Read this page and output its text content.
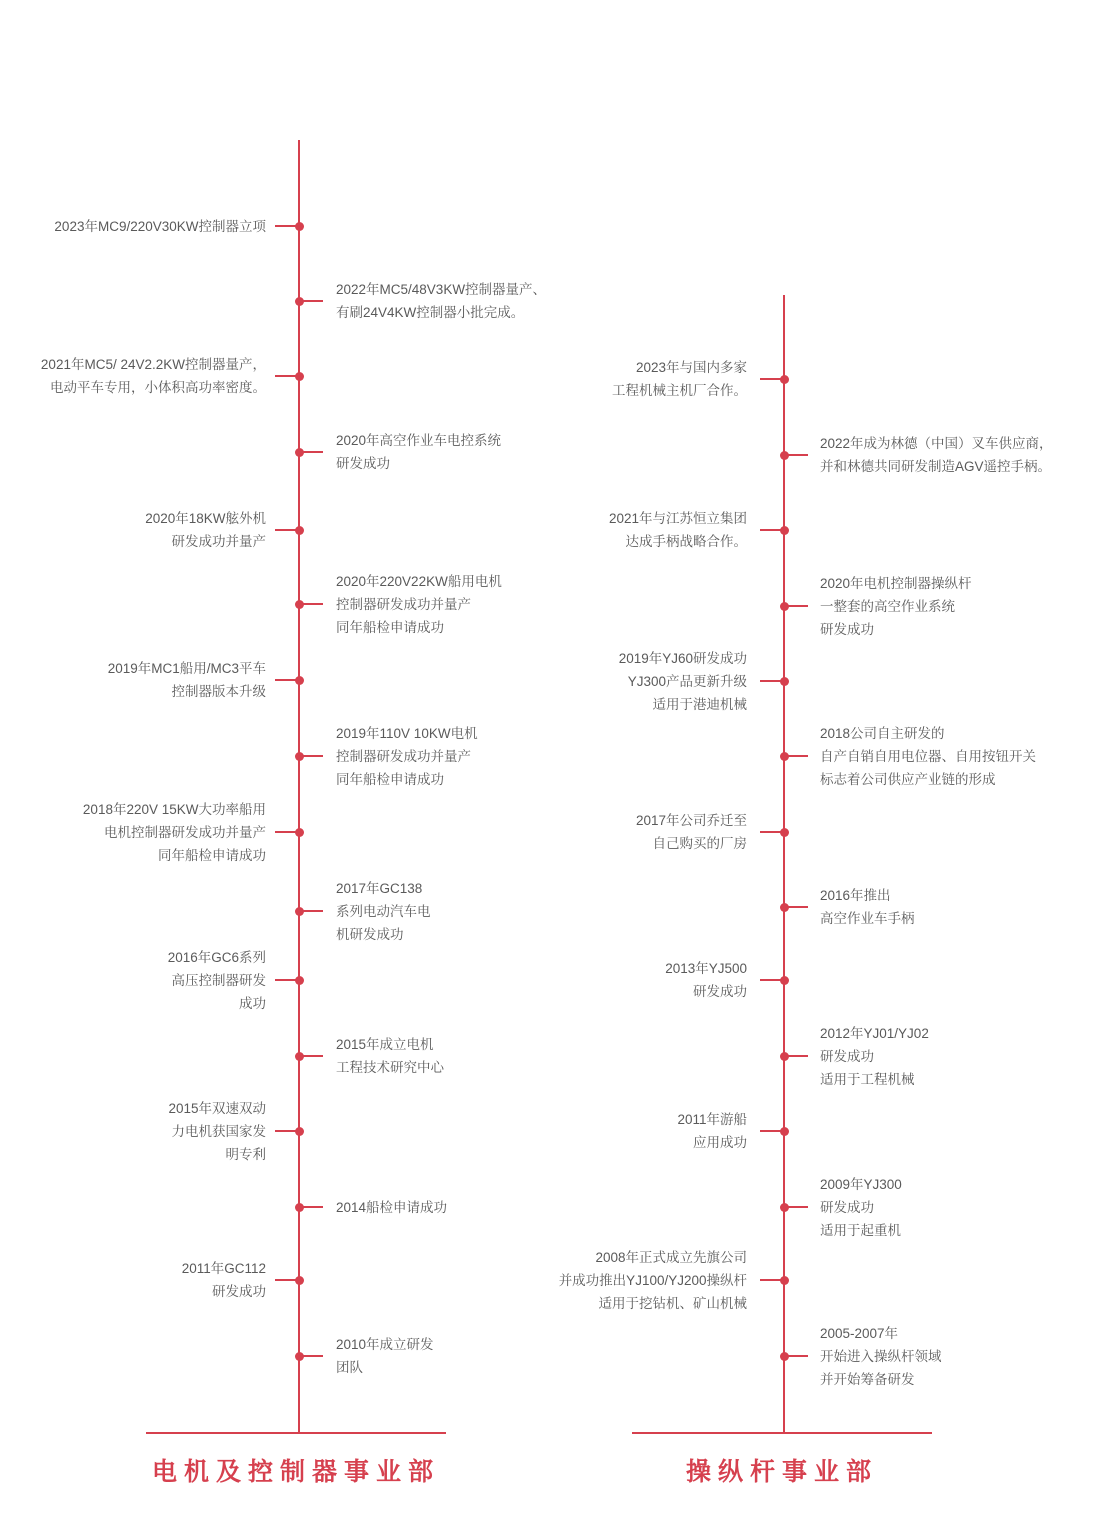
2023年MC9/220V30KW控制器立项
2022年MC5/48V3KW控制器量产、
有刷24V4KW控制器小批完成。
2021年MC5/ 24V2.2KW控制器量产，
电动平车专用，小体积高功率密度。
2020年高空作业车电控系统
研发成功
2020年18KW舷外机
研发成功并量产
2020年220V22KW船用电机
控制器研发成功并量产
同年船检申请成功
2019年MC1船用/MC3平车
控制器版本升级
2019年110V 10KW电机
控制器研发成功并量产
同年船检申请成功
2018年220V 15KW大功率船用
电机控制器研发成功并量产
同年船检申请成功
2017年GC138
系列电动汽车电
机研发成功
2016年GC6系列
高压控制器研发
成功
2015年成立电机
工程技术研究中心
2015年双速双动
力电机获国家发
明专利
2014船检申请成功
2011年GC112
研发成功
2010年成立研发
团队
电机及控制器事业部
2023年与国内多家
工程机械主机厂合作。
2022年成为林德（中国）叉车供应商，
并和林德共同研发制造AGV遥控手柄。
2021年与江苏恒立集团
达成手柄战略合作。
2020年电机控制器操纵杆
一整套的高空作业系统
研发成功
2019年YJ60研发成功
YJ300产品更新升级
适用于港迪机械
2018公司自主研发的
自产自销自用电位器、自用按钮开关
标志着公司供应产业链的形成
2017年公司乔迁至
自己购买的厂房
2016年推出
高空作业车手柄
2013年YJ500
研发成功
2012年YJ01/YJ02
研发成功
适用于工程机械
2011年游船
应用成功
2009年YJ300
研发成功
适用于起重机
2008年正式成立先旗公司
并成功推出YJ100/YJ200操纵杆
适用于挖钻机、矿山机械
2005-2007年
开始进入操纵杆领域
并开始筹备研发
操纵杆事业部
